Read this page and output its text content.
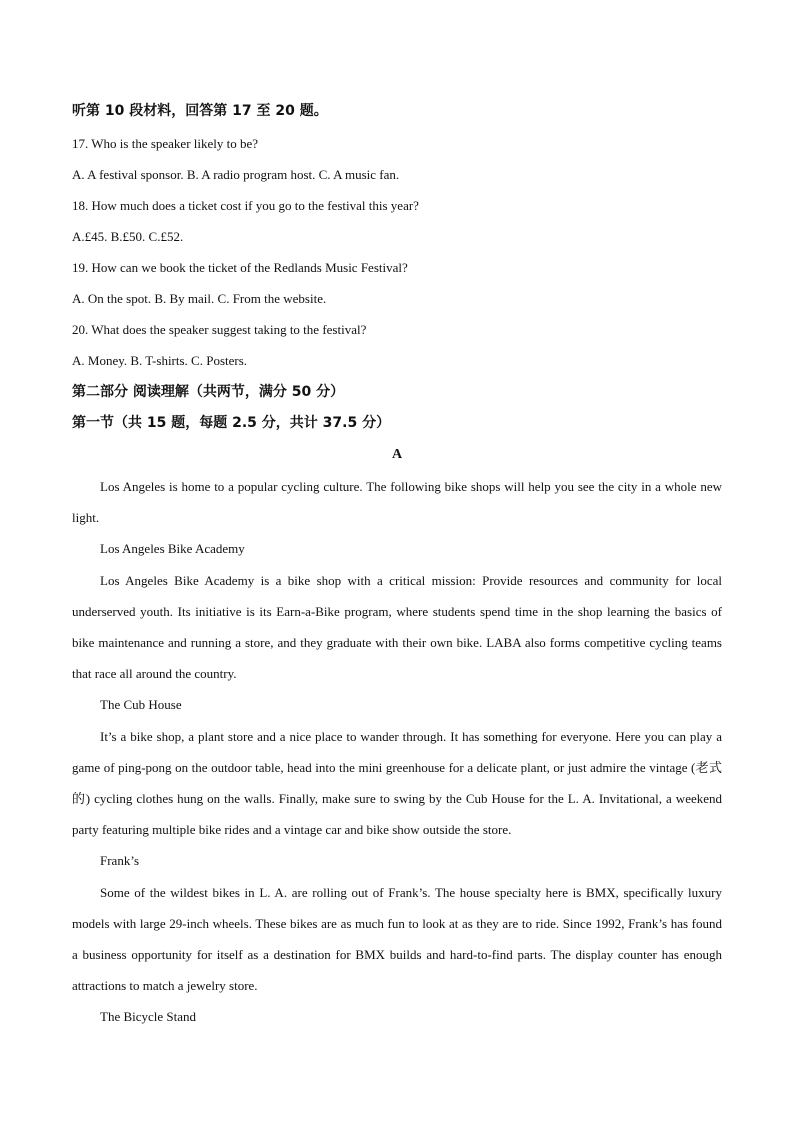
听第 10 段材料，回答第 17 至 20 题。
17. Who is the speaker likely to be?
A. A festival sponsor. B. A radio program host. C. A music fan.
18. How much does a ticket cost if you go to the festival this year?
A.£45. B.£50. C.£52.
19. How can we book the ticket of the Redlands Music Festival?
A. On the spot. B. By mail. C. From the website.
20. What does the speaker suggest taking to the festival?
A. Money. B. T-shirts. C. Posters.
第二部分 阅读理解（共两节，满分 50 分）
第一节（共 15 题，每题 2.5 分，共计 37.5 分）
A
Los Angeles is home to a popular cycling culture. The following bike shops will help you see the city in a whole new light.
Los Angeles Bike Academy
Los Angeles Bike Academy is a bike shop with a critical mission: Provide resources and community for local underserved youth. Its initiative is its Earn-a-Bike program, where students spend time in the shop learning the basics of bike maintenance and running a store, and they graduate with their own bike. LABA also forms competitive cycling teams that race all around the country.
The Cub House
It’s a bike shop, a plant store and a nice place to wander through. It has something for everyone. Here you can play a game of ping-pong on the outdoor table, head into the mini greenhouse for a delicate plant, or just admire the vintage (老式的) cycling clothes hung on the walls. Finally, make sure to swing by the Cub House for the L. A. Invitational, a weekend party featuring multiple bike rides and a vintage car and bike show outside the store.
Frank’s
Some of the wildest bikes in L. A. are rolling out of Frank’s. The house specialty here is BMX, specifically luxury models with large 29-inch wheels. These bikes are as much fun to look at as they are to ride. Since 1992, Frank’s has found a business opportunity for itself as a destination for BMX builds and hard-to-find parts. The display counter has enough attractions to match a jewelry store.
The Bicycle Stand
